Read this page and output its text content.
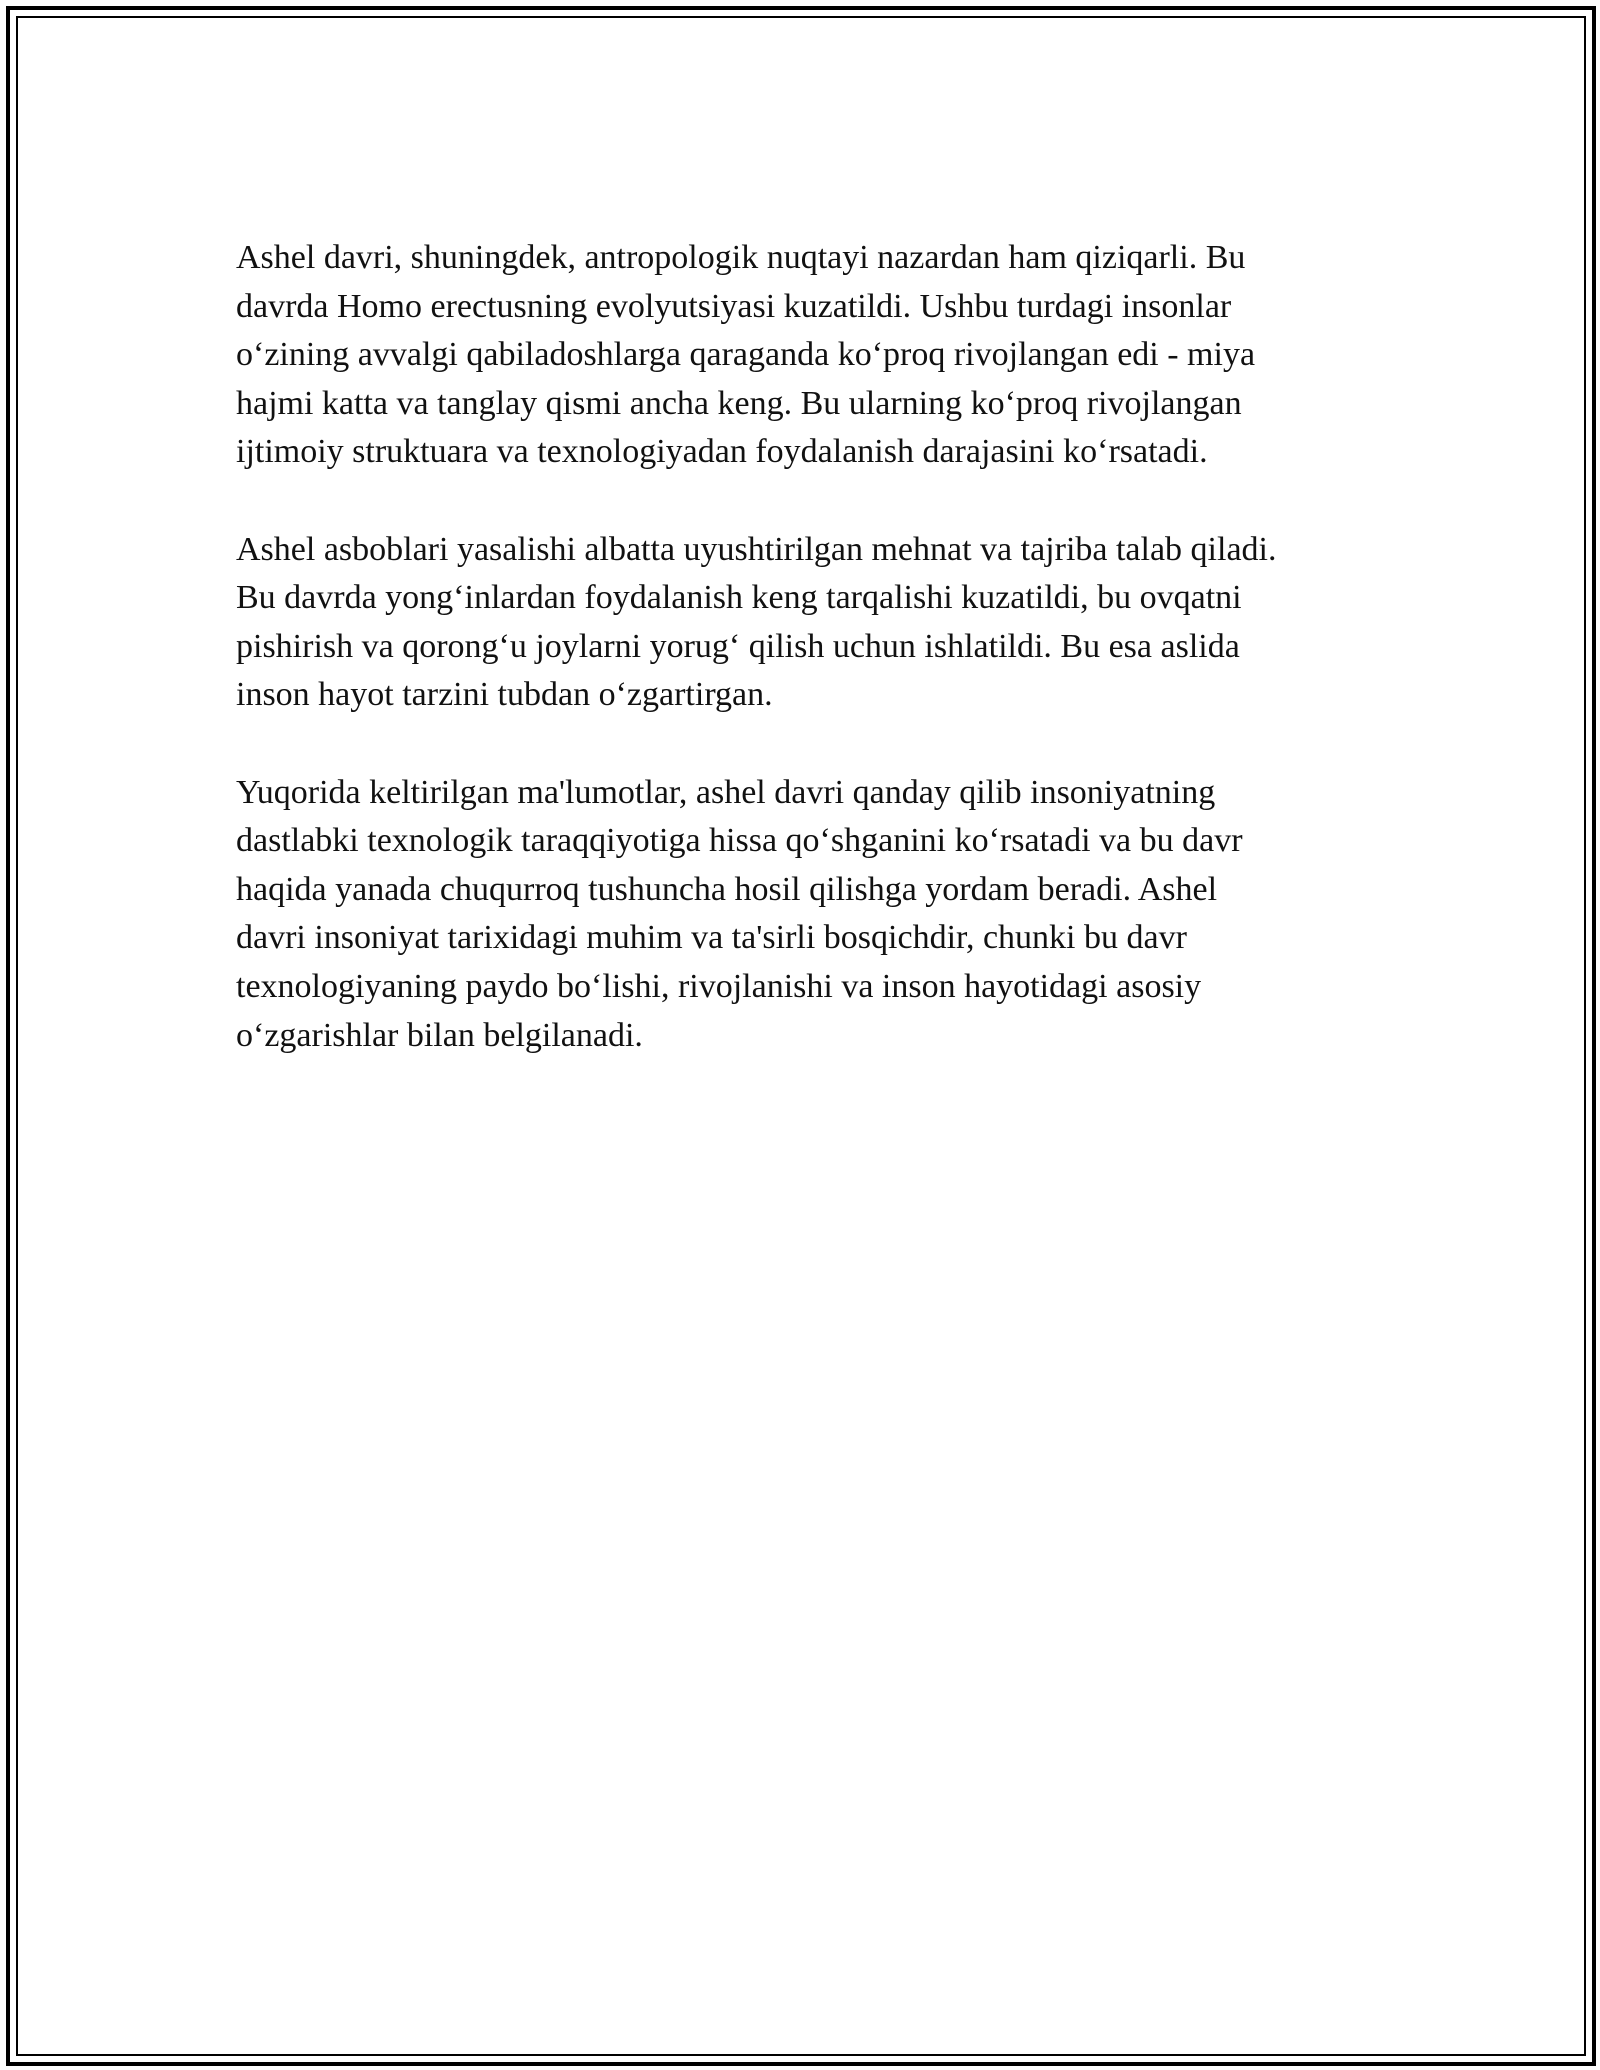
Ashel davri, shuningdek, antropologik nuqtayi nazardan ham qiziqarli. Bu
davrda Homo erectusning evolyutsiyasi kuzatildi. Ushbu turdagi insonlar
o‘zining avvalgi qabiladoshlarga qaraganda ko‘proq rivojlangan edi - miya
hajmi katta va tanglay qismi ancha keng. Bu ularning ko‘proq rivojlangan
ijtimoiy struktuara va texnologiyadan foydalanish darajasini ko‘rsatadi.

Ashel asboblari yasalishi albatta uyushtirilgan mehnat va tajriba talab qiladi.
Bu davrda yong‘inlardan foydalanish keng tarqalishi kuzatildi, bu ovqatni
pishirish va qorong‘u joylarni yorug‘ qilish uchun ishlatildi. Bu esa aslida
inson hayot tarzini tubdan o‘zgartirgan.

Yuqorida keltirilgan ma'lumotlar, ashel davri qanday qilib insoniyatning
dastlabki texnologik taraqqiyotiga hissa qo‘shganini ko‘rsatadi va bu davr
haqida yanada chuqurroq tushuncha hosil qilishga yordam beradi. Ashel
davri insoniyat tarixidagi muhim va ta'sirli bosqichdir, chunki bu davr
texnologiyaning paydo bo‘lishi, rivojlanishi va inson hayotidagi asosiy
o‘zgarishlar bilan belgilanadi.
